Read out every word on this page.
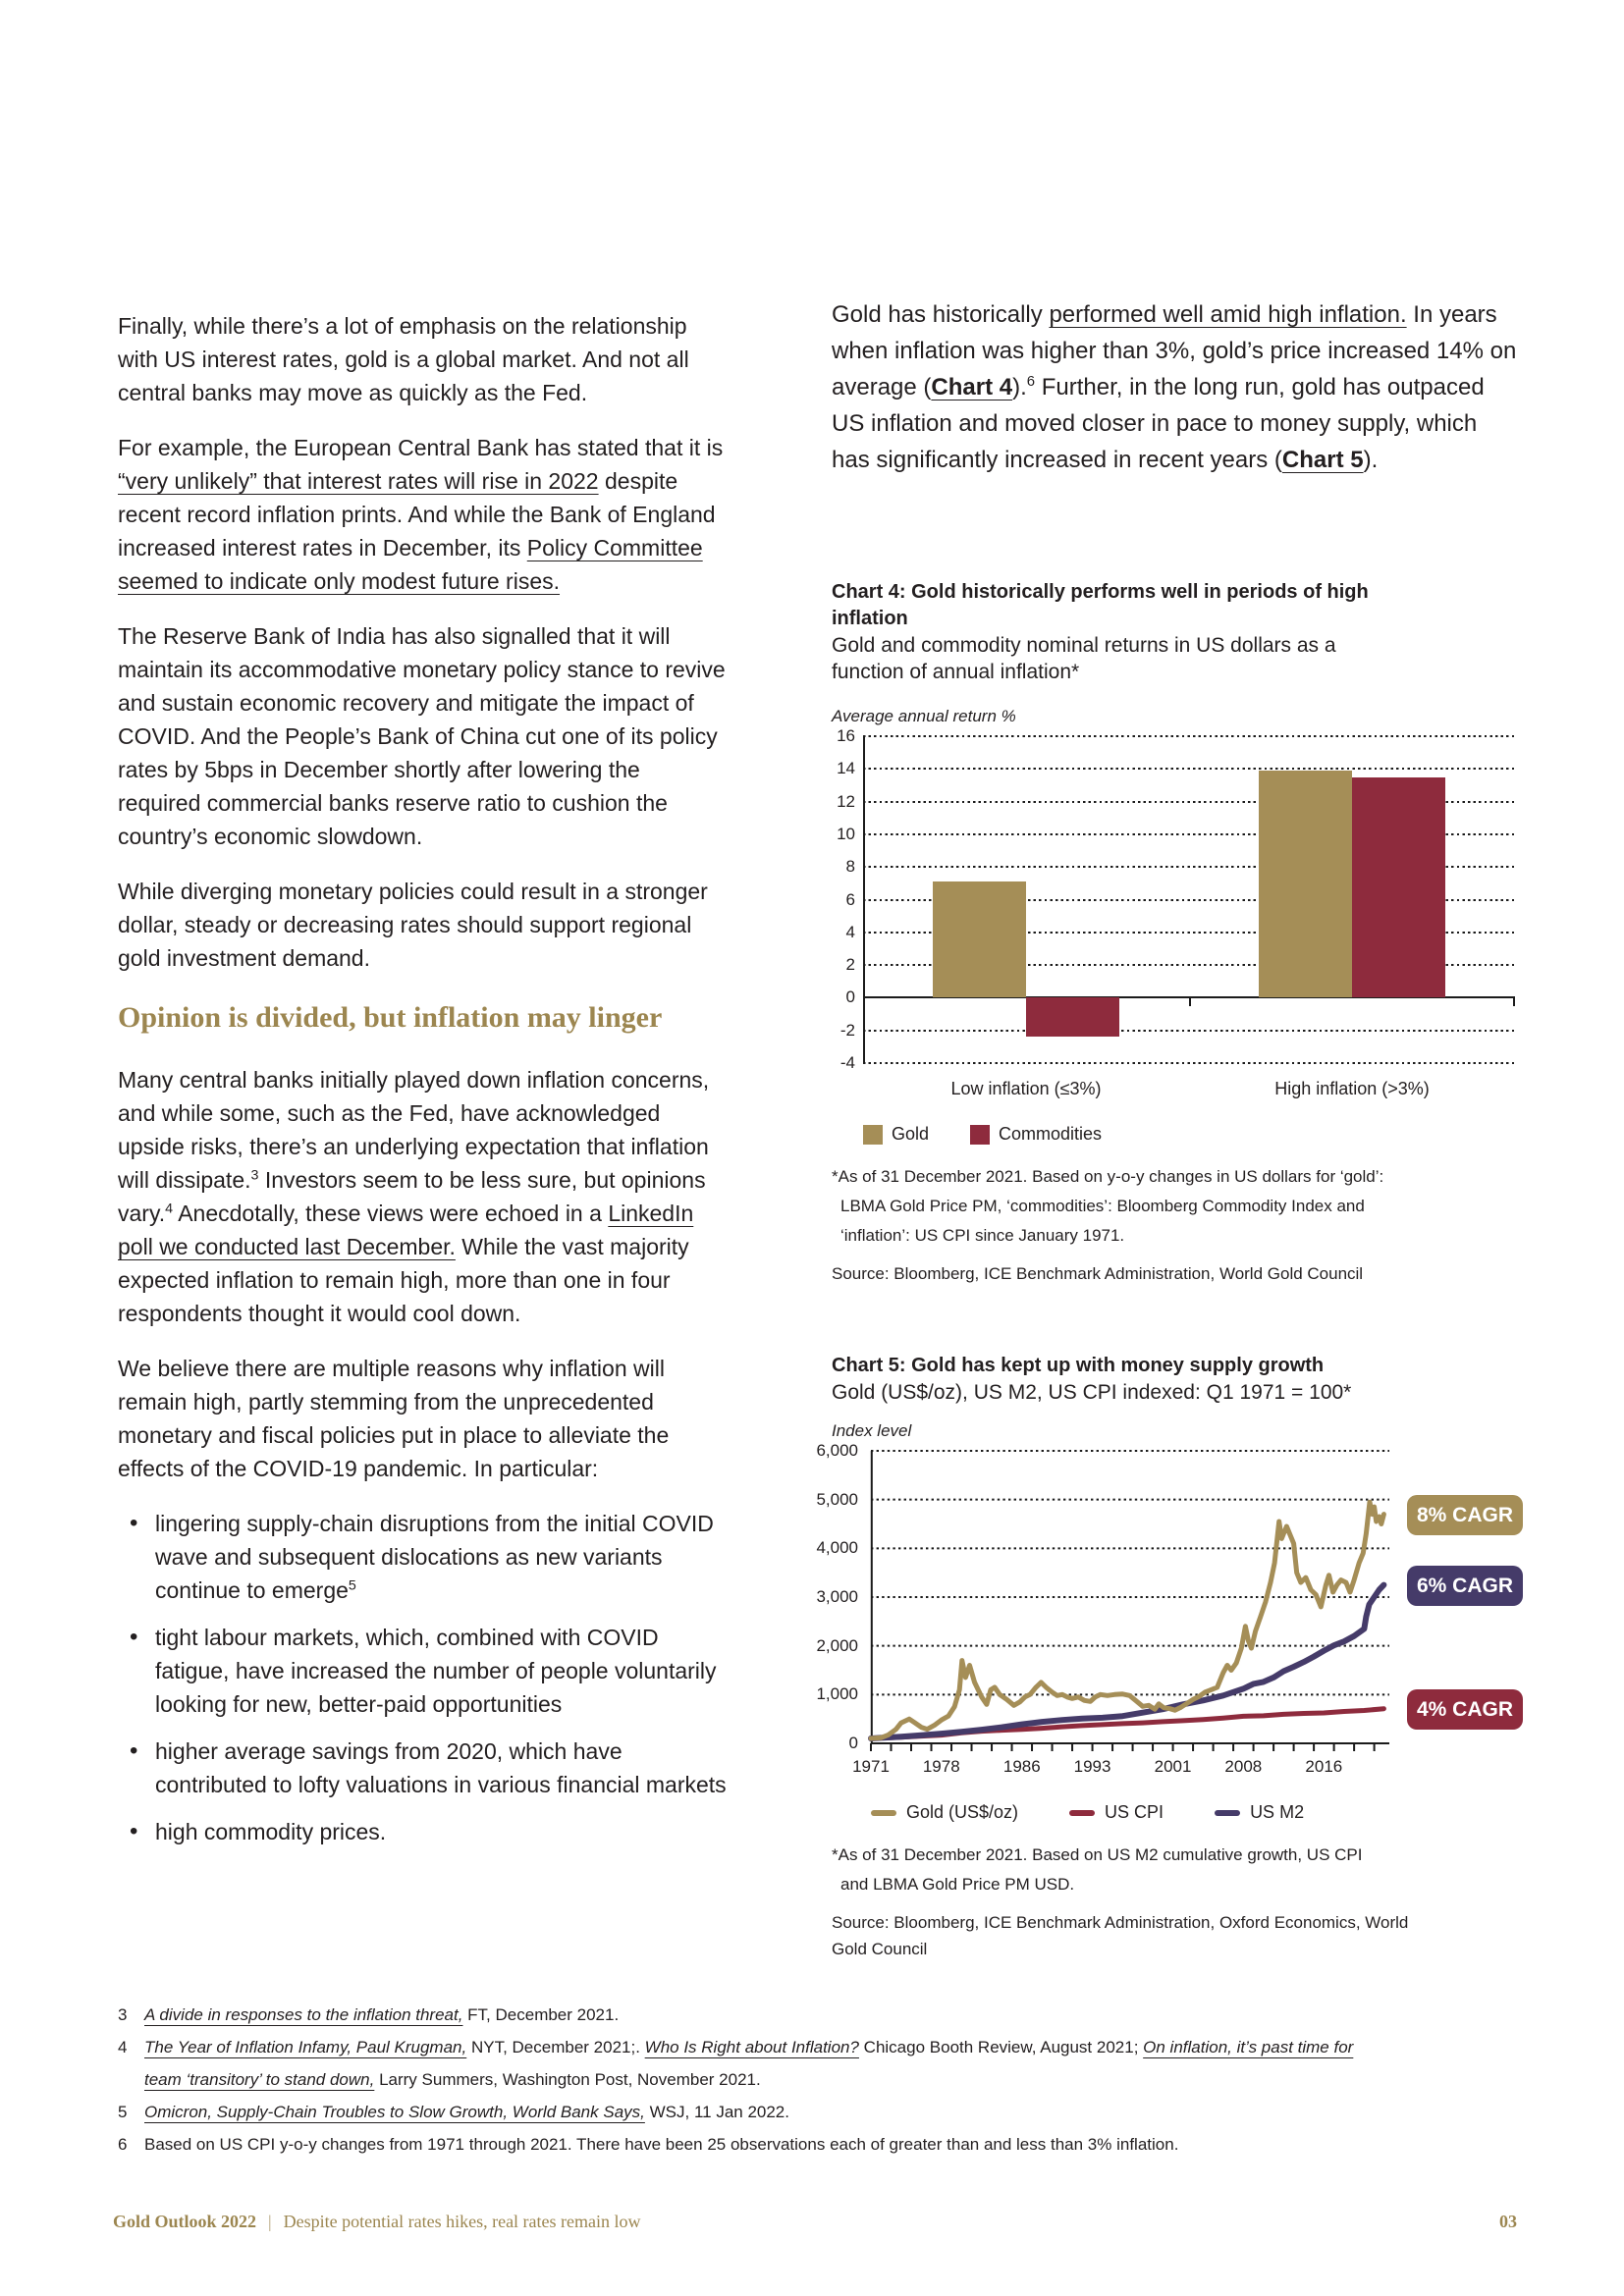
Finally, while there’s a lot of emphasis on the relationship with US interest rates, gold is a global market. And not all central banks may move as quickly as the Fed.

For example, the European Central Bank has stated that it is “very unlikely” that interest rates will rise in 2022 despite recent record inflation prints. And while the Bank of England increased interest rates in December, its Policy Committee seemed to indicate only modest future rises.

The Reserve Bank of India has also signalled that it will maintain its accommodative monetary policy stance to revive and sustain economic recovery and mitigate the impact of COVID. And the People’s Bank of China cut one of its policy rates by 5bps in December shortly after lowering the required commercial banks reserve ratio to cushion the country’s economic slowdown.

While diverging monetary policies could result in a stronger dollar, steady or decreasing rates should support regional gold investment demand.

Opinion is divided, but inflation may linger

Many central banks initially played down inflation concerns, and while some, such as the Fed, have acknowledged upside risks, there’s an underlying expectation that inflation will dissipate.$^3$ Investors seem to be less sure, but opinions vary.$^4$ Anecdotally, these views were echoed in a LinkedIn poll we conducted last December. While the vast majority expected inflation to remain high, more than one in four respondents thought it would cool down.

We believe there are multiple reasons why inflation will remain high, partly stemming from the unprecedented monetary and fiscal policies put in place to alleviate the effects of the COVID-19 pandemic. In particular:

• lingering supply-chain disruptions from the initial COVID wave and subsequent dislocations as new variants continue to emerge$^5$
• tight labour markets, which, combined with COVID fatigue, have increased the number of people voluntarily looking for new, better-paid opportunities
• higher average savings from 2020, which have contributed to lofty valuations in various financial markets
• high commodity prices.

Gold has historically performed well amid high inflation. In years when inflation was higher than 3%, gold’s price increased 14% on average (Chart 4).$^6$ Further, in the long run, gold has outpaced US inflation and moved closer in pace to money supply, which has significantly increased in recent years (Chart 5).

Chart 4: Gold historically performs well in periods of high inflation

Gold and commodity nominal returns in US dollars as a function of annual inflation*

Average annual return %
-4
-2
0
2
4
6
8
10
12
14
16
Low inflation (≤3%)	High inflation (>3%)
Gold	Commodities

*As of 31 December 2021. Based on y-o-y changes in US dollars for ‘gold’: LBMA Gold Price PM, ‘commodities’: Bloomberg Commodity Index and ‘inflation’: US CPI since January 1971.

Source: Bloomberg, ICE Benchmark Administration, World Gold Council

Chart 5: Gold has kept up with money supply growth

Gold (US$/oz), US M2, US CPI indexed: Q1 1971 = 100*

Index level
0
1,000
2,000
3,000
4,000
5,000
6,000
1971 1978	1986 1993	2001 2008	2016
8% CAGR
4% CAGR
6% CAGR
Gold (US$/oz)	US CPI	US M2

*As of 31 December 2021. Based on US M2 cumulative growth, US CPI and LBMA Gold Price PM USD.

Source: Bloomberg, ICE Benchmark Administration, Oxford Economics, World Gold Council

3 A divide in responses to the inflation threat, FT, December 2021.
4 The Year of Inflation Infamy, Paul Krugman, NYT, December 2021;. Who Is Right about Inflation? Chicago Booth Review, August 2021; On inflation, it’s past time for team ‘transitory’ to stand down, Larry Summers, Washington Post, November 2021.
5 Omicron, Supply-Chain Troubles to Slow Growth, World Bank Says, WSJ, 11 Jan 2022.
6 Based on US CPI y-o-y changes from 1971 through 2021. There have been 25 observations each of greater than and less than 3% inflation.
Gold Outlook 2022 | Despite potential rates hikes, real rates remain low	03
